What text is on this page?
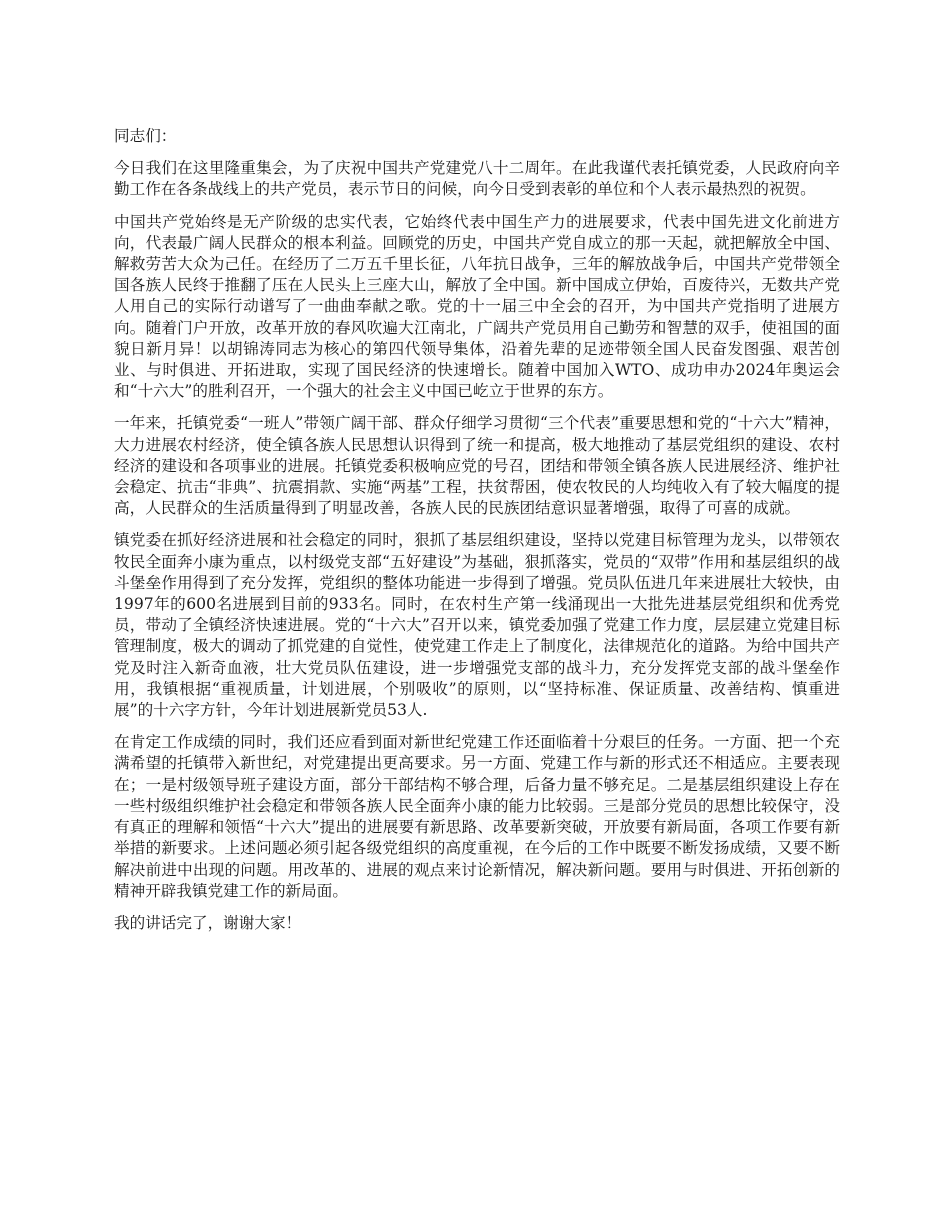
同志们：

今日我们在这里隆重集会，为了庆祝中国共产党建党八十二周年。在此我谨代表托镇党委，人民政府向辛勤工作在各条战线上的共产党员，表示节日的问候，向今日受到表彰的单位和个人表示最热烈的祝贺。

中国共产党始终是无产阶级的忠实代表，它始终代表中国生产力的进展要求，代表中国先进文化前进方向，代表最广阔人民群众的根本利益。回顾党的历史，中国共产党自成立的那一天起，就把解放全中国、解救劳苦大众为己任。在经历了二万五千里长征，八年抗日战争，三年的解放战争后，中国共产党带领全国各族人民终于推翻了压在人民头上三座大山，解放了全中国。新中国成立伊始，百废待兴，无数共产党人用自己的实际行动谱写了一曲曲奉献之歌。党的十一届三中全会的召开，为中国共产党指明了进展方向。随着门户开放，改革开放的春风吹遍大江南北，广阔共产党员用自己勤劳和智慧的双手，使祖国的面貌日新月异！以胡锦涛同志为核心的第四代领导集体，沿着先辈的足迹带领全国人民奋发图强、艰苦创业、与时俱进、开拓进取，实现了国民经济的快速增长。随着中国加入WTO、成功申办2024年奥运会和“十六大”的胜利召开，一个强大的社会主义中国已屹立于世界的东方。

一年来，托镇党委“一班人”带领广阔干部、群众仔细学习贯彻“三个代表”重要思想和党的“十六大”精神，大力进展农村经济，使全镇各族人民思想认识得到了统一和提高，极大地推动了基层党组织的建设、农村经济的建设和各项事业的进展。托镇党委积极响应党的号召，团结和带领全镇各族人民进展经济、维护社会稳定、抗击“非典”、抗震捐款、实施“两基”工程，扶贫帮困，使农牧民的人均纯收入有了较大幅度的提高，人民群众的生活质量得到了明显改善，各族人民的民族团结意识显著增强，取得了可喜的成就。

镇党委在抓好经济进展和社会稳定的同时，狠抓了基层组织建设，坚持以党建目标管理为龙头，以带领农牧民全面奔小康为重点，以村级党支部“五好建设”为基础，狠抓落实，党员的“双带”作用和基层组织的战斗堡垒作用得到了充分发挥，党组织的整体功能进一步得到了增强。党员队伍进几年来进展壮大较快，由1997年的600名进展到目前的933名。同时，在农村生产第一线涌现出一大批先进基层党组织和优秀党员，带动了全镇经济快速进展。党的“十六大”召开以来，镇党委加强了党建工作力度，层层建立党建目标管理制度，极大的调动了抓党建的自觉性，使党建工作走上了制度化，法律规范化的道路。为给中国共产党及时注入新奇血液，壮大党员队伍建设，进一步增强党支部的战斗力，充分发挥党支部的战斗堡垒作用，我镇根据“重视质量，计划进展，个别吸收”的原则，以“坚持标准、保证质量、改善结构、慎重进展”的十六字方针，今年计划进展新党员53人.

在肯定工作成绩的同时，我们还应看到面对新世纪党建工作还面临着十分艰巨的任务。一方面、把一个充满希望的托镇带入新世纪，对党建提出更高要求。另一方面、党建工作与新的形式还不相适应。主要表现在；一是村级领导班子建设方面，部分干部结构不够合理，后备力量不够充足。二是基层组织建设上存在一些村级组织维护社会稳定和带领各族人民全面奔小康的能力比较弱。三是部分党员的思想比较保守，没有真正的理解和领悟“十六大”提出的进展要有新思路、改革要新突破，开放要有新局面，各项工作要有新举措的新要求。上述问题必须引起各级党组织的高度重视，在今后的工作中既要不断发扬成绩，又要不断解决前进中出现的问题。用改革的、进展的观点来讨论新情况，解决新问题。要用与时俱进、开拓创新的精神开辟我镇党建工作的新局面。

我的讲话完了，谢谢大家！
